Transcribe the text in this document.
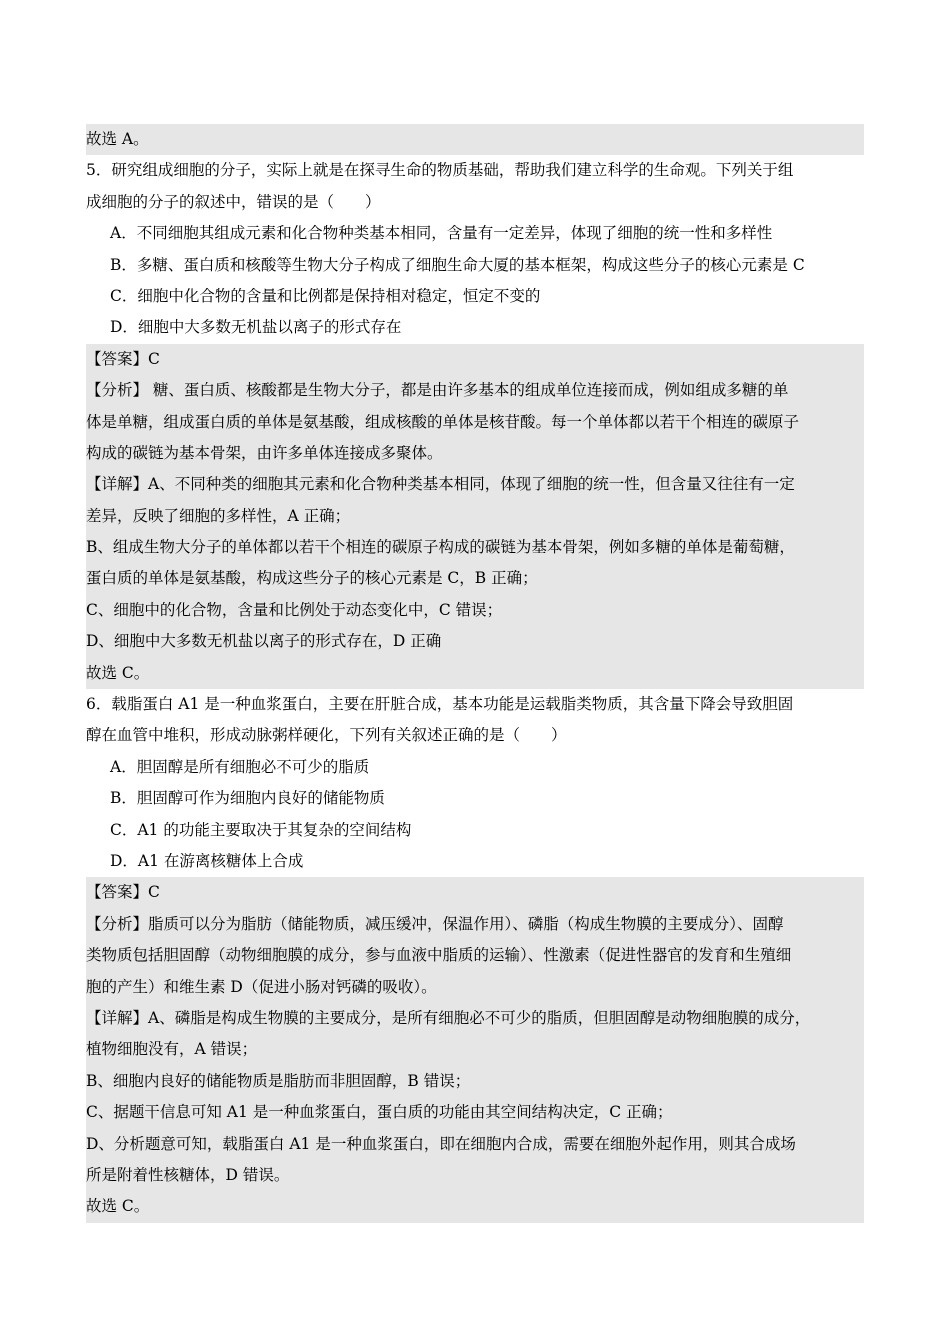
故选 A。
5．研究组成细胞的分子，实际上就是在探寻生命的物质基础，帮助我们建立科学的生命观。下列关于组
成细胞的分子的叙述中，错误的是（　　）
A．不同细胞其组成元素和化合物种类基本相同，含量有一定差异，体现了细胞的统一性和多样性
B．多糖、蛋白质和核酸等生物大分子构成了细胞生命大厦的基本框架，构成这些分子的核心元素是 C
C．细胞中化合物的含量和比例都是保持相对稳定，恒定不变的
D．细胞中大多数无机盐以离子的形式存在
【答案】C
【分析】 糖、蛋白质、核酸都是生物大分子，都是由许多基本的组成单位连接而成，例如组成多糖的单
体是单糖，组成蛋白质的单体是氨基酸，组成核酸的单体是核苷酸。每一个单体都以若干个相连的碳原子
构成的碳链为基本骨架，由许多单体连接成多聚体。
【详解】A、不同种类的细胞其元素和化合物种类基本相同，体现了细胞的统一性，但含量又往往有一定
差异，反映了细胞的多样性，A 正确；
B、组成生物大分子的单体都以若干个相连的碳原子构成的碳链为基本骨架，例如多糖的单体是葡萄糖，
蛋白质的单体是氨基酸，构成这些分子的核心元素是 C，B 正确；
C、细胞中的化合物，含量和比例处于动态变化中，C 错误；
D、细胞中大多数无机盐以离子的形式存在，D 正确
故选 C。
6．载脂蛋白 A1 是一种血浆蛋白，主要在肝脏合成，基本功能是运载脂类物质，其含量下降会导致胆固
醇在血管中堆积，形成动脉粥样硬化，下列有关叙述正确的是（　　）
A．胆固醇是所有细胞必不可少的脂质
B．胆固醇可作为细胞内良好的储能物质
C．A1 的功能主要取决于其复杂的空间结构
D．A1 在游离核糖体上合成
【答案】C
【分析】脂质可以分为脂肪（储能物质，减压缓冲，保温作用）、磷脂（构成生物膜的主要成分）、固醇
类物质包括胆固醇（动物细胞膜的成分，参与血液中脂质的运输）、性激素（促进性器官的发育和生殖细
胞的产生）和维生素 D（促进小肠对钙磷的吸收）。
【详解】A、磷脂是构成生物膜的主要成分，是所有细胞必不可少的脂质，但胆固醇是动物细胞膜的成分，
植物细胞没有，A 错误；
B、细胞内良好的储能物质是脂肪而非胆固醇，B 错误；
C、据题干信息可知 A1 是一种血浆蛋白，蛋白质的功能由其空间结构决定，C 正确；
D、分析题意可知，载脂蛋白 A1 是一种血浆蛋白，即在细胞内合成，需要在细胞外起作用，则其合成场
所是附着性核糖体，D 错误。
故选 C。
